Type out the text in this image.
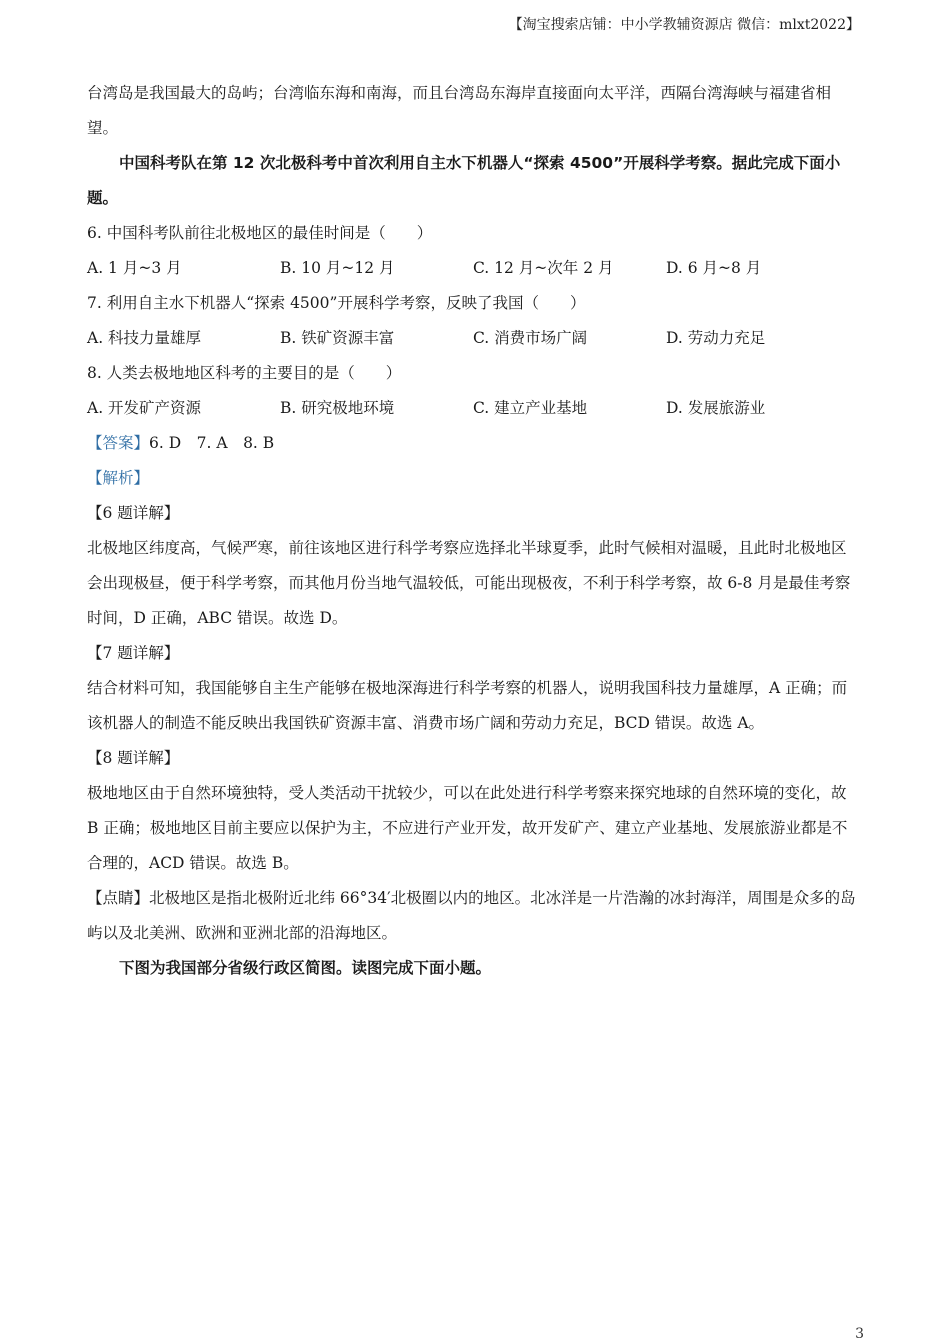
【淘宝搜索店铺：中小学教辅资源店 微信：mlxt2022】

台湾岛是我国最大的岛屿；台湾临东海和南海，而且台湾岛东海岸直接面向太平洋，西隔台湾海峡与福建省相望。

中国科考队在第 12 次北极科考中首次利用自主水下机器人“探索 4500”开展科学考察。据此完成下面小题。

6. 中国科考队前往北极地区的最佳时间是（　　）

A. 1 月~3 月	B. 10 月~12 月	C. 12 月~次年 2 月	D. 6 月~8 月

7. 利用自主水下机器人“探索 4500”开展科学考察，反映了我国（　　）

A. 科技力量雄厚	B. 铁矿资源丰富	C. 消费市场广阔	D. 劳动力充足

8. 人类去极地地区科考的主要目的是（　　）

A. 开发矿产资源	B. 研究极地环境	C. 建立产业基地	D. 发展旅游业

【答案】6. D　7. A　8. B

【解析】

【6 题详解】

北极地区纬度高，气候严寒，前往该地区进行科学考察应选择北半球夏季，此时气候相对温暖，且此时北极地区会出现极昼，便于科学考察，而其他月份当地气温较低，可能出现极夜，不利于科学考察，故 6-8 月是最佳考察时间，D 正确，ABC 错误。故选 D。

【7 题详解】

结合材料可知，我国能够自主生产能够在极地深海进行科学考察的机器人，说明我国科技力量雄厚，A 正确；而该机器人的制造不能反映出我国铁矿资源丰富、消费市场广阔和劳动力充足，BCD 错误。故选 A。

【8 题详解】

极地地区由于自然环境独特，受人类活动干扰较少，可以在此处进行科学考察来探究地球的自然环境的变化，故 B 正确；极地地区目前主要应以保护为主，不应进行产业开发，故开发矿产、建立产业基地、发展旅游业都是不合理的，ACD 错误。故选 B。

【点睛】北极地区是指北极附近北纬 66°34′北极圈以内的地区。北冰洋是一片浩瀚的冰封海洋，周围是众多的岛屿以及北美洲、欧洲和亚洲北部的沿海地区。

下图为我国部分省级行政区简图。读图完成下面小题。

3
